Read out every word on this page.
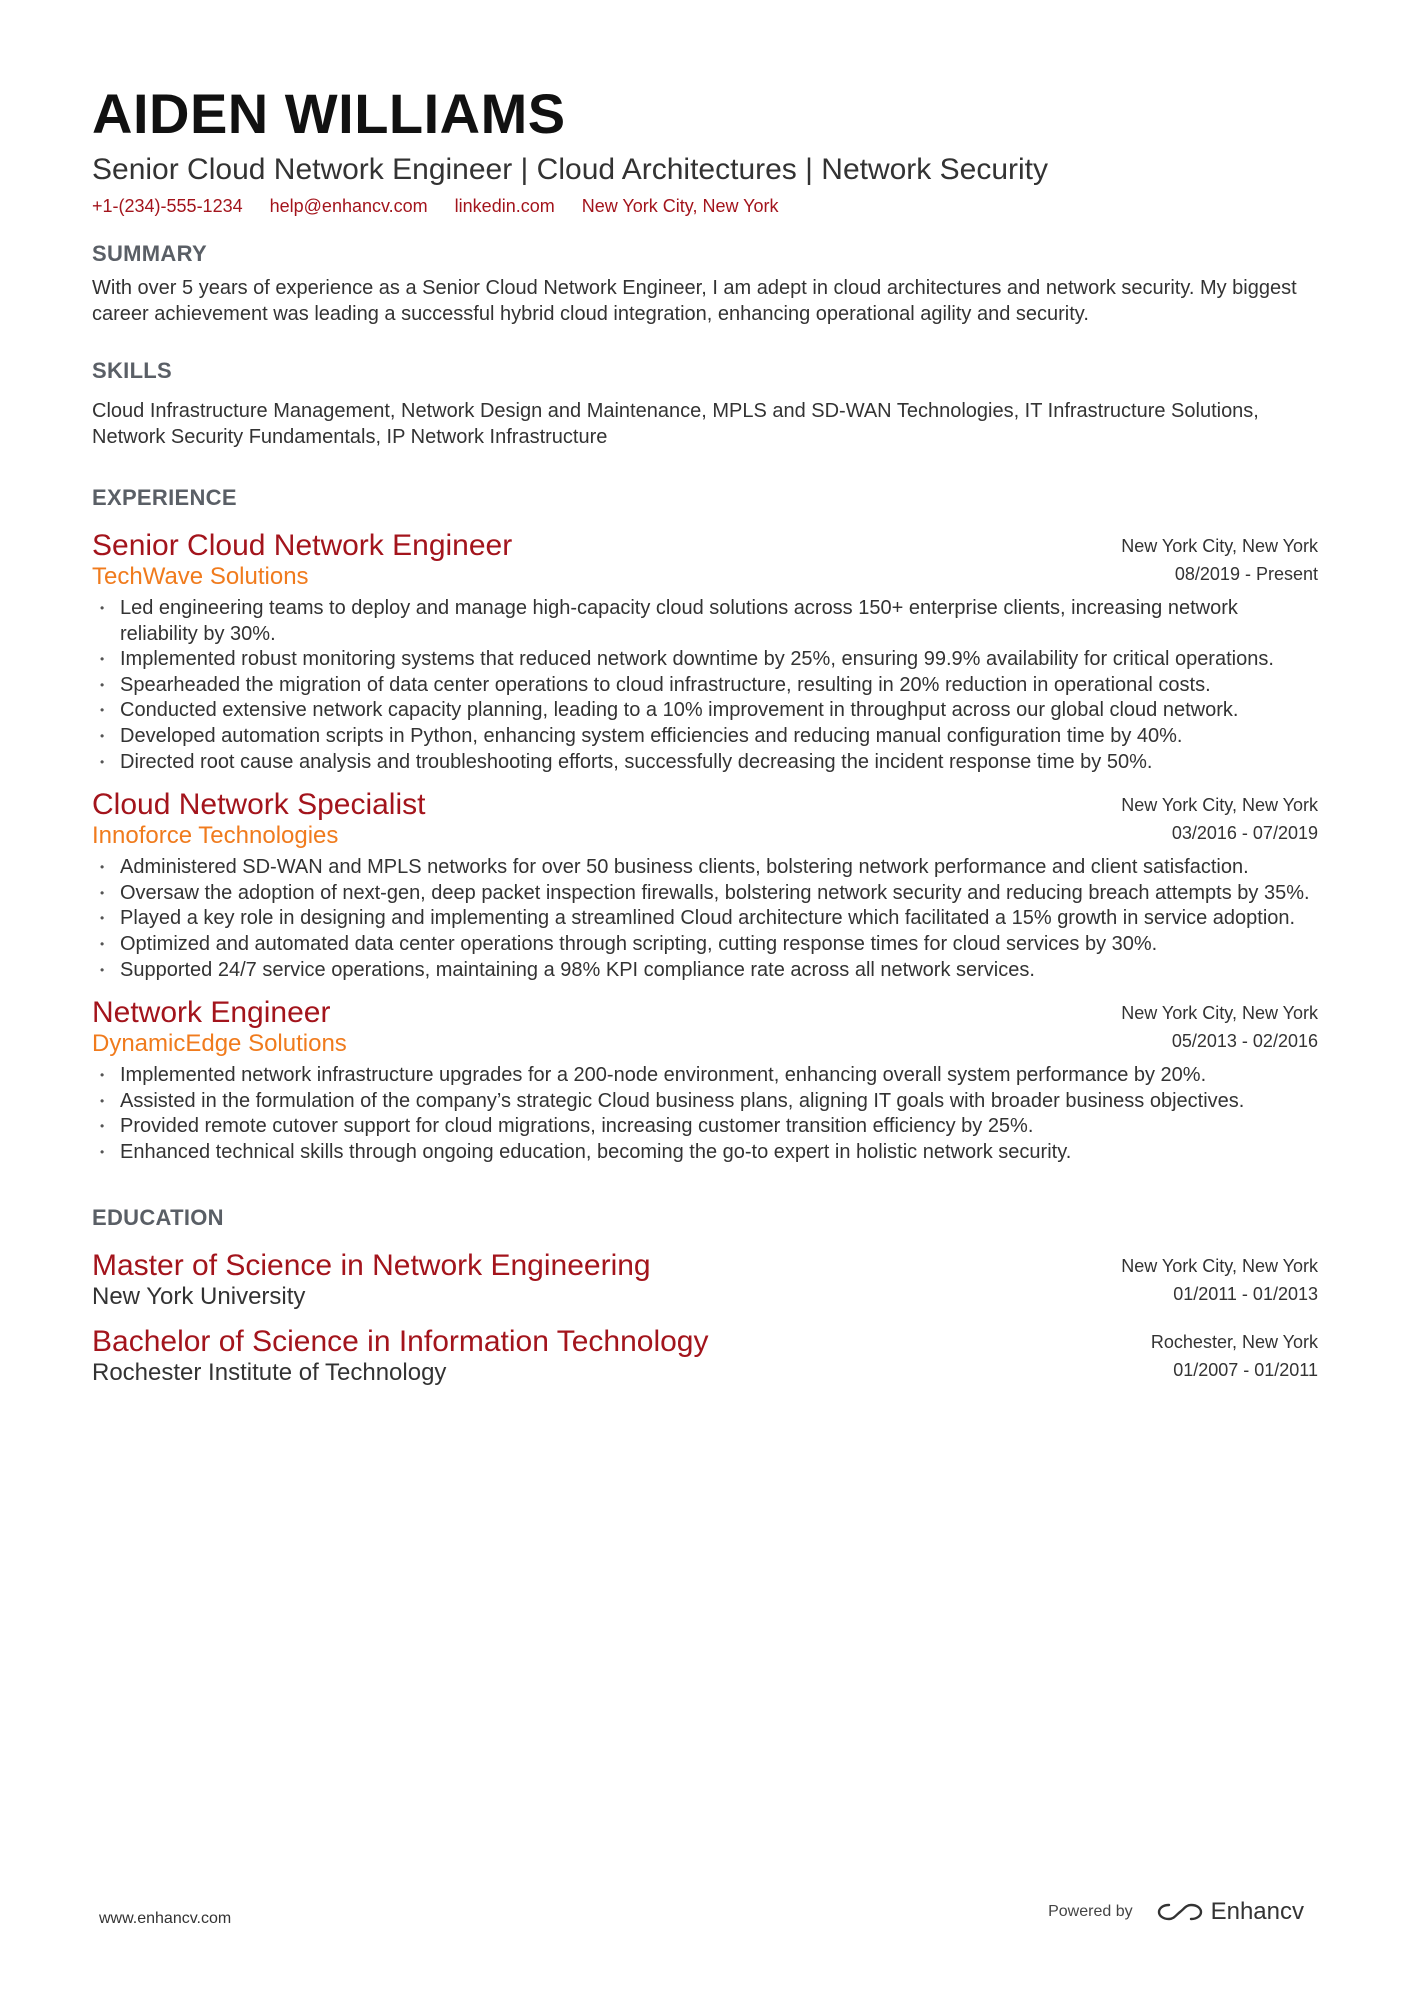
AIDEN WILLIAMS
Senior Cloud Network Engineer | Cloud Architectures | Network Security
+1-(234)-555-1234 help@enhancv.com linkedin.com New York City, New York
SUMMARY
With over 5 years of experience as a Senior Cloud Network Engineer, I am adept in cloud architectures and network security. My biggest career achievement was leading a successful hybrid cloud integration, enhancing operational agility and security.
SKILLS
Cloud Infrastructure Management, Network Design and Maintenance, MPLS and SD-WAN Technologies, IT Infrastructure Solutions, Network Security Fundamentals, IP Network Infrastructure
EXPERIENCE
Senior Cloud Network Engineer
TechWave Solutions
New York City, New York
08/2019 - Present
• Led engineering teams to deploy and manage high-capacity cloud solutions across 150+ enterprise clients, increasing network reliability by 30%.
• Implemented robust monitoring systems that reduced network downtime by 25%, ensuring 99.9% availability for critical operations.
• Spearheaded the migration of data center operations to cloud infrastructure, resulting in 20% reduction in operational costs.
• Conducted extensive network capacity planning, leading to a 10% improvement in throughput across our global cloud network.
• Developed automation scripts in Python, enhancing system efficiencies and reducing manual configuration time by 40%.
• Directed root cause analysis and troubleshooting efforts, successfully decreasing the incident response time by 50%.
Cloud Network Specialist
Innoforce Technologies
New York City, New York
03/2016 - 07/2019
• Administered SD-WAN and MPLS networks for over 50 business clients, bolstering network performance and client satisfaction.
• Oversaw the adoption of next-gen, deep packet inspection firewalls, bolstering network security and reducing breach attempts by 35%.
• Played a key role in designing and implementing a streamlined Cloud architecture which facilitated a 15% growth in service adoption.
• Optimized and automated data center operations through scripting, cutting response times for cloud services by 30%.
• Supported 24/7 service operations, maintaining a 98% KPI compliance rate across all network services.
Network Engineer
DynamicEdge Solutions
New York City, New York
05/2013 - 02/2016
• Implemented network infrastructure upgrades for a 200-node environment, enhancing overall system performance by 20%.
• Assisted in the formulation of the company’s strategic Cloud business plans, aligning IT goals with broader business objectives.
• Provided remote cutover support for cloud migrations, increasing customer transition efficiency by 25%.
• Enhanced technical skills through ongoing education, becoming the go-to expert in holistic network security.
EDUCATION
Master of Science in Network Engineering
New York University
New York City, New York
01/2011 - 01/2013
Bachelor of Science in Information Technology
Rochester Institute of Technology
Rochester, New York
01/2007 - 01/2011
www.enhancv.com	Powered by	Enhancv
